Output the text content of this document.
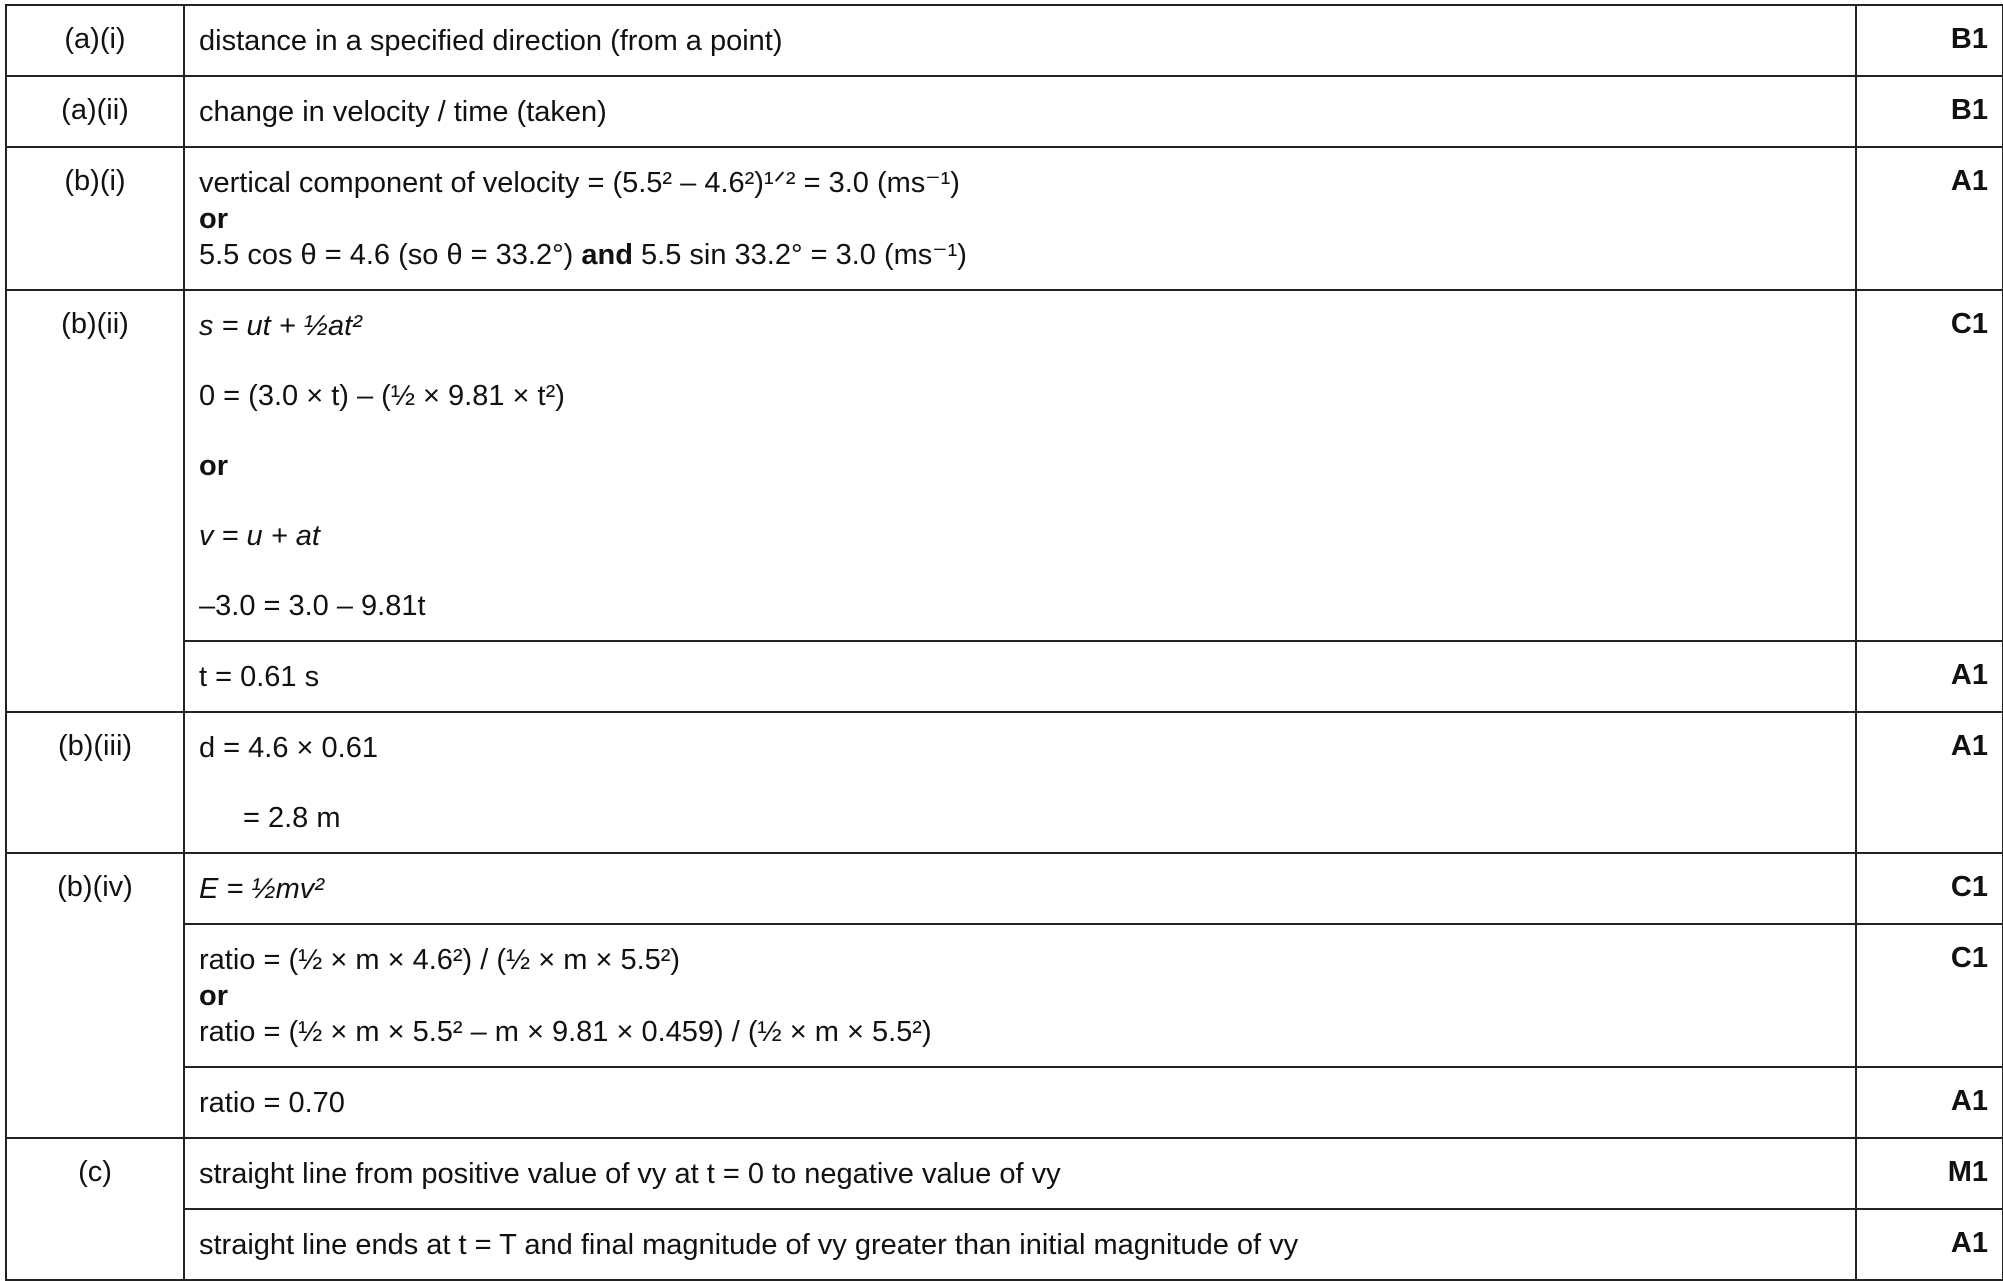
(a)(i)	distance in a specified direction (from a point)	B1

(a)(ii)	change in velocity / time (taken)	B1

(b)(i)	vertical component of velocity = (5.5² – 4.6²)¹ᐟ² = 3.0 (ms⁻¹)
or
5.5 cos θ = 4.6 (so θ = 33.2°) and 5.5 sin 33.2° = 3.0 (ms⁻¹)	A1

(b)(ii)	s = ut + ½at²
0 = (3.0 × t) – (½ × 9.81 × t²)
or
v = u + at
–3.0 = 3.0 – 9.81t	C1

	t = 0.61 s	A1

(b)(iii)	d = 4.6 × 0.61
= 2.8 m	A1

(b)(iv)	E = ½mv²	C1

	ratio = (½ × m × 4.6²) / (½ × m × 5.5²)
or
ratio = (½ × m × 5.5² – m × 9.81 × 0.459) / (½ × m × 5.5²)	C1

	ratio = 0.70	A1

(c)	straight line from positive value of vy at t = 0 to negative value of vy	M1

	straight line ends at t = T and final magnitude of vy greater than initial magnitude of vy	A1
